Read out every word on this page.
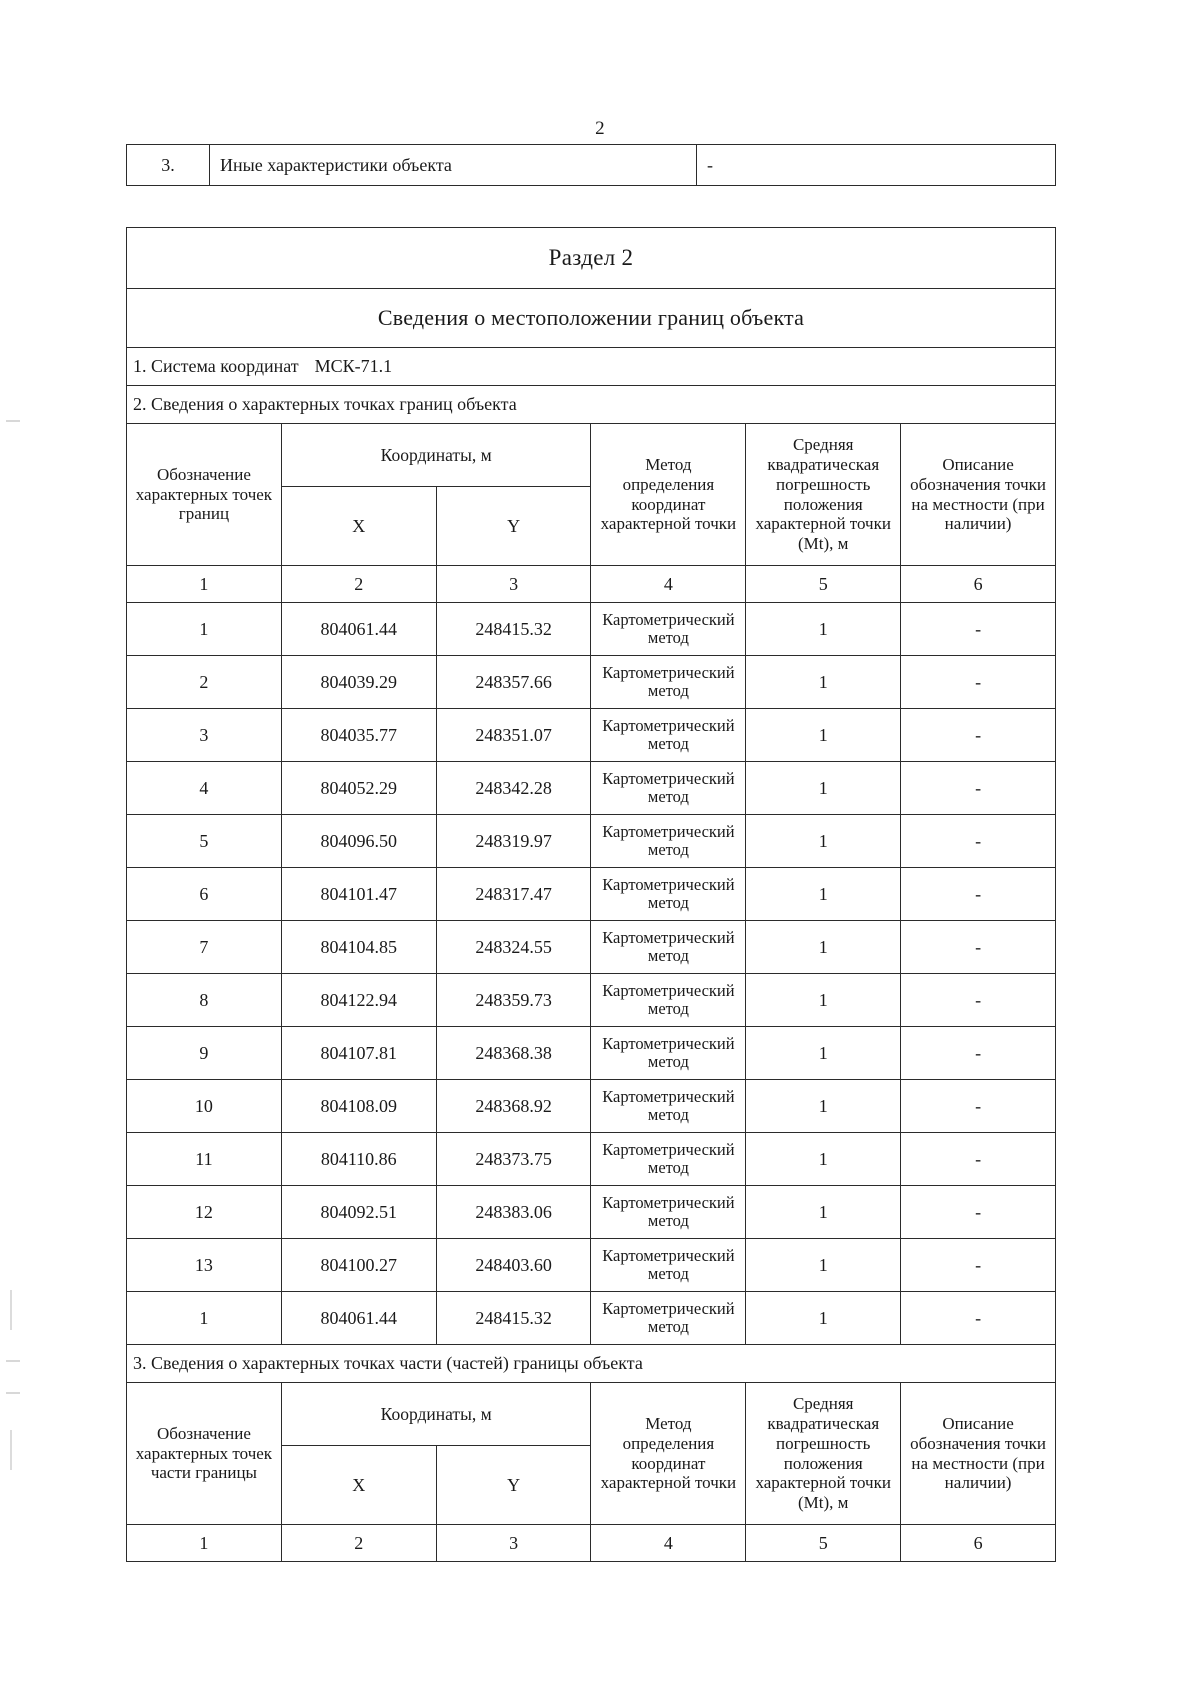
2
3.	Иные характеристики объекта	-
Раздел 2					
Сведения о местоположении границ объекта					
1. Система координат МСК-71.1					
2. Сведения о характерных точках границ объекта					
Обозначение характерных точек границ	Координаты, м		Метод определения координат характерной точки	Средняя квадратическая погрешность положения характерной точки (Mt), м	Описание обозначения точки на местности (при наличии)
	X	Y			
1	2	3	4	5	6
1	804061.44	248415.32	Картометрический метод	1	-
2	804039.29	248357.66	Картометрический метод	1	-
3	804035.77	248351.07	Картометрический метод	1	-
4	804052.29	248342.28	Картометрический метод	1	-
5	804096.50	248319.97	Картометрический метод	1	-
6	804101.47	248317.47	Картометрический метод	1	-
7	804104.85	248324.55	Картометрический метод	1	-
8	804122.94	248359.73	Картометрический метод	1	-
9	804107.81	248368.38	Картометрический метод	1	-
10	804108.09	248368.92	Картометрический метод	1	-
11	804110.86	248373.75	Картометрический метод	1	-
12	804092.51	248383.06	Картометрический метод	1	-
13	804100.27	248403.60	Картометрический метод	1	-
1	804061.44	248415.32	Картометрический метод	1	-
3. Сведения о характерных точках части (частей) границы объекта					
Обозначение характерных точек части границы	Координаты, м		Метод определения координат характерной точки	Средняя квадратическая погрешность положения характерной точки (Mt), м	Описание обозначения точки на местности (при наличии)
	X	Y			
1	2	3	4	5	6
